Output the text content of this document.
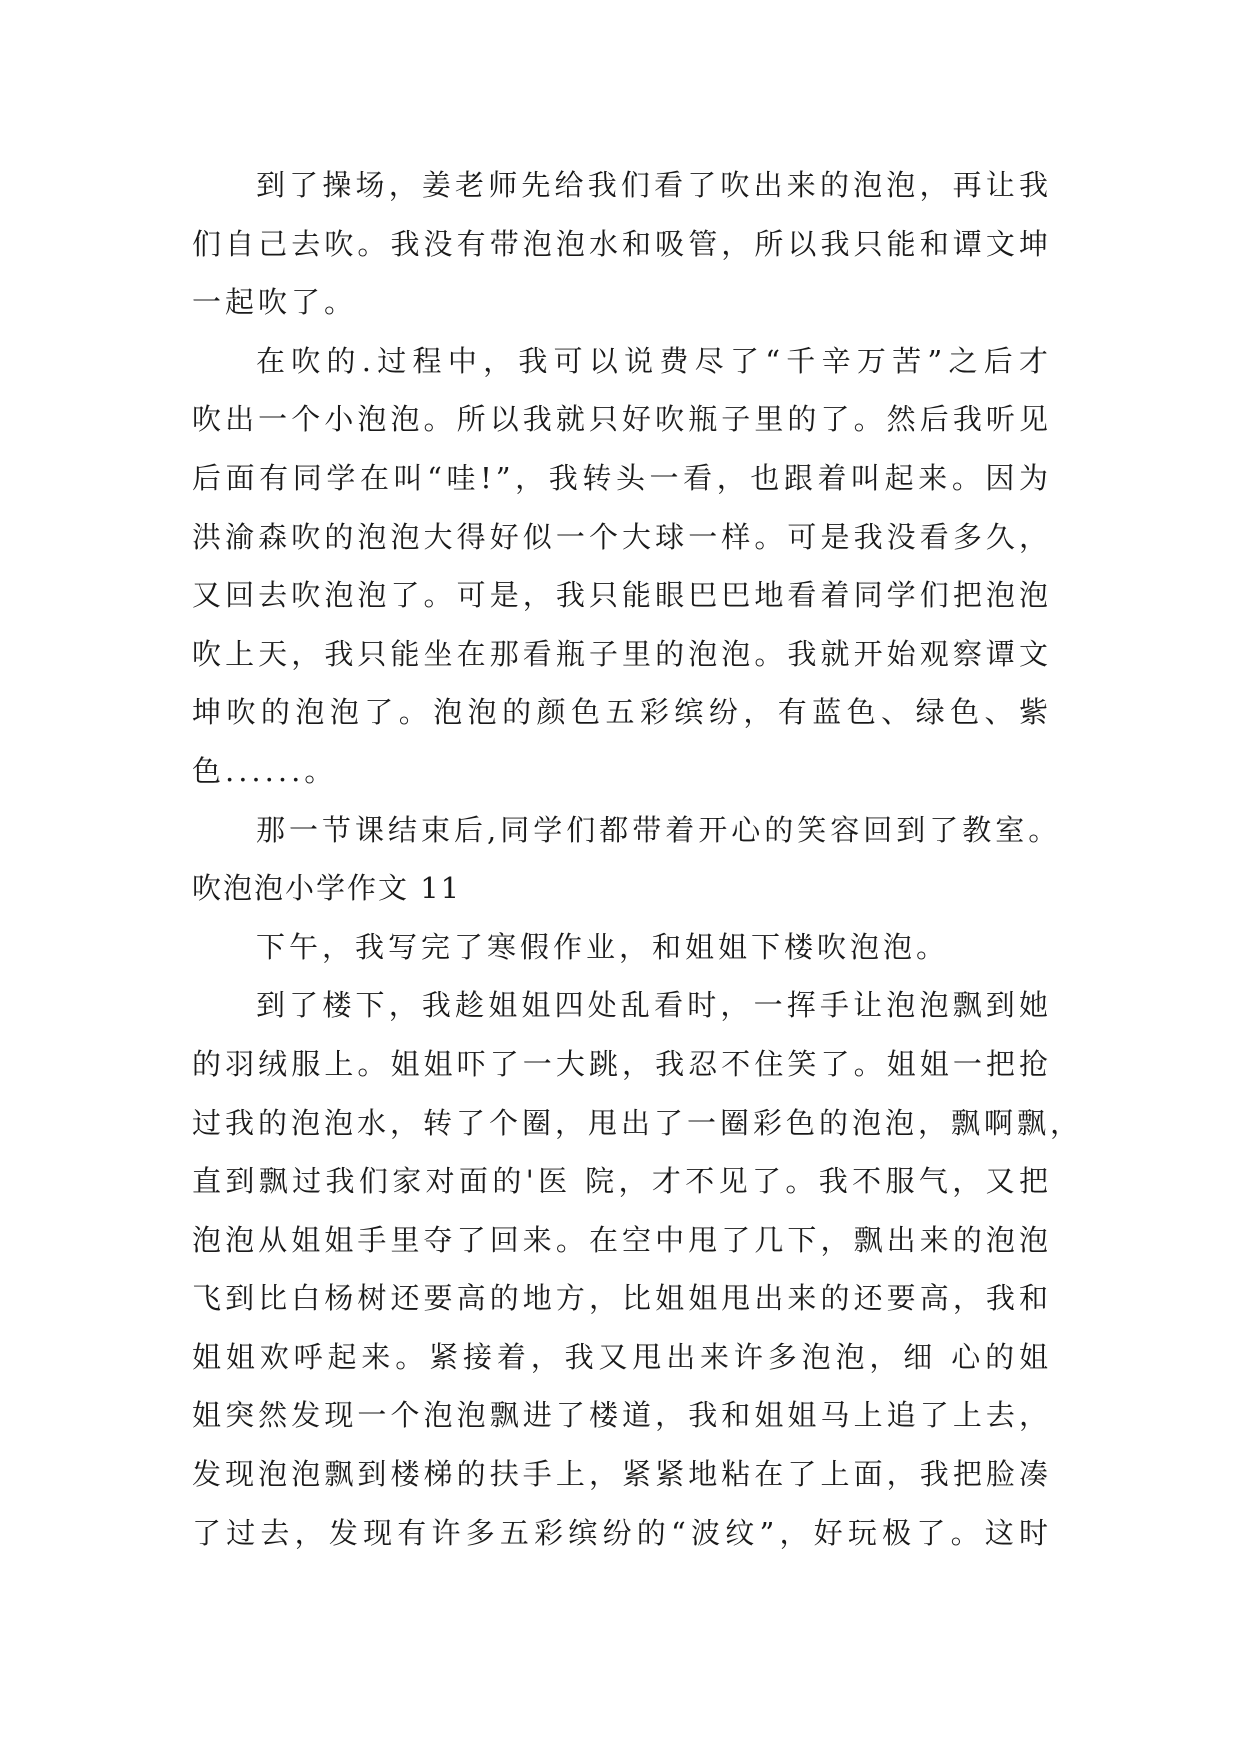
到了操场，姜老师先给我们看了吹出来的泡泡，再让我
们自己去吹。我没有带泡泡水和吸管，所以我只能和谭文坤
一起吹了。
在吹的.过程中，我可以说费尽了“千辛万苦”之后才
吹出一个小泡泡。所以我就只好吹瓶子里的了。然后我听见
后面有同学在叫“哇!”，我转头一看，也跟着叫起来。因为
洪渝森吹的泡泡大得好似一个大球一样。可是我没看多久，
又回去吹泡泡了。可是，我只能眼巴巴地看着同学们把泡泡
吹上天，我只能坐在那看瓶子里的泡泡。我就开始观察谭文
坤吹的泡泡了。泡泡的颜色五彩缤纷，有蓝色、绿色、紫
色......。
那一节课结束后,同学们都带着开心的笑容回到了教室。
吹泡泡小学作文 11
下午，我写完了寒假作业，和姐姐下楼吹泡泡。
到了楼下，我趁姐姐四处乱看时，一挥手让泡泡飘到她
的羽绒服上。姐姐吓了一大跳，我忍不住笑了。姐姐一把抢
过我的泡泡水，转了个圈，甩出了一圈彩色的泡泡，飘啊飘，
直到飘过我们家对面的'医 院，才不见了。我不服气，又把
泡泡从姐姐手里夺了回来。在空中甩了几下，飘出来的泡泡
飞到比白杨树还要高的地方，比姐姐甩出来的还要高，我和
姐姐欢呼起来。紧接着，我又甩出来许多泡泡，细 心的姐
姐突然发现一个泡泡飘进了楼道，我和姐姐马上追了上去，
发现泡泡飘到楼梯的扶手上，紧紧地粘在了上面，我把脸凑
了过去，发现有许多五彩缤纷的“波纹”，好玩极了。这时
